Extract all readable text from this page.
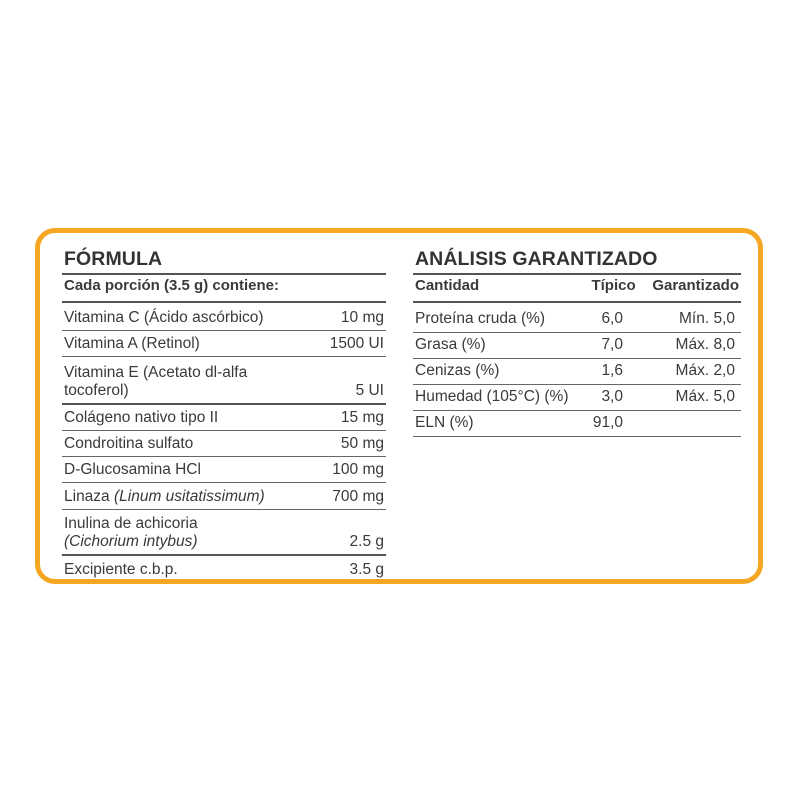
FÓRMULA
Cada porción (3.5 g) contiene:
Vitamina C (Ácido ascórbico)	10 mg
Vitamina A (Retinol)	1500 UI
Vitamina E (Acetato dl-alfa
tocoferol)	5 UI
Colágeno nativo tipo II	15 mg
Condroitina sulfato	50 mg
D-Glucosamina HCl	100 mg
Linaza (Linum usitatissimum)	700 mg
Inulina de achicoria
(Cichorium intybus)	2.5 g
Excipiente c.b.p.	3.5 g
ANÁLISIS GARANTIZADO
Cantidad	Típico	Garantizado
Proteína cruda (%)	6,0	Mín. 5,0
Grasa (%)	7,0	Máx. 8,0
Cenizas (%)	1,6	Máx. 2,0
Humedad (105°C) (%)	3,0	Máx. 5,0
ELN (%)	91,0
